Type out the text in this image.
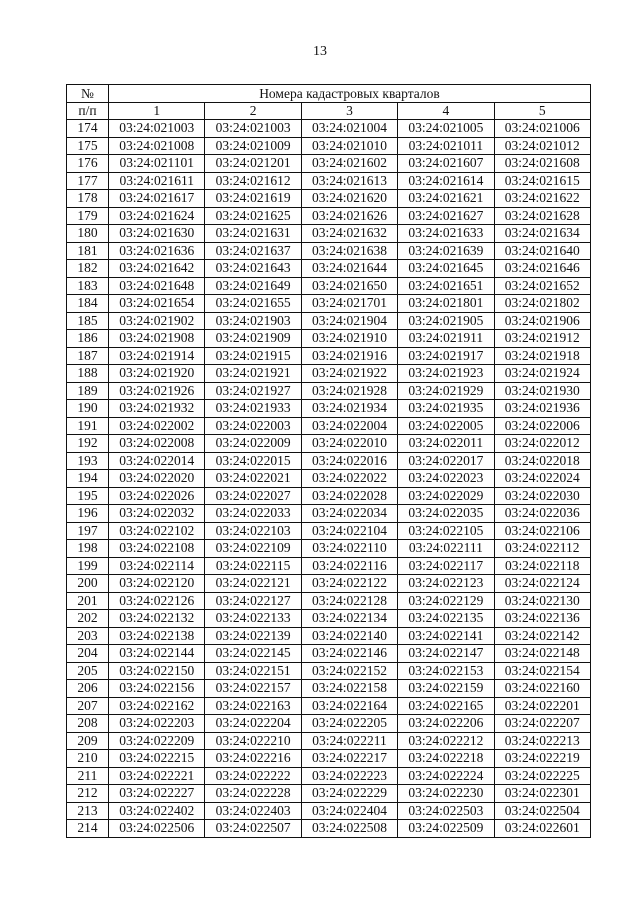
13
№	Номера кадастровых кварталов				
п/п	1	2	3	4	5
174	03:24:021003	03:24:021003	03:24:021004	03:24:021005	03:24:021006
175	03:24:021008	03:24:021009	03:24:021010	03:24:021011	03:24:021012
176	03:24:021101	03:24:021201	03:24:021602	03:24:021607	03:24:021608
177	03:24:021611	03:24:021612	03:24:021613	03:24:021614	03:24:021615
178	03:24:021617	03:24:021619	03:24:021620	03:24:021621	03:24:021622
179	03:24:021624	03:24:021625	03:24:021626	03:24:021627	03:24:021628
180	03:24:021630	03:24:021631	03:24:021632	03:24:021633	03:24:021634
181	03:24:021636	03:24:021637	03:24:021638	03:24:021639	03:24:021640
182	03:24:021642	03:24:021643	03:24:021644	03:24:021645	03:24:021646
183	03:24:021648	03:24:021649	03:24:021650	03:24:021651	03:24:021652
184	03:24:021654	03:24:021655	03:24:021701	03:24:021801	03:24:021802
185	03:24:021902	03:24:021903	03:24:021904	03:24:021905	03:24:021906
186	03:24:021908	03:24:021909	03:24:021910	03:24:021911	03:24:021912
187	03:24:021914	03:24:021915	03:24:021916	03:24:021917	03:24:021918
188	03:24:021920	03:24:021921	03:24:021922	03:24:021923	03:24:021924
189	03:24:021926	03:24:021927	03:24:021928	03:24:021929	03:24:021930
190	03:24:021932	03:24:021933	03:24:021934	03:24:021935	03:24:021936
191	03:24:022002	03:24:022003	03:24:022004	03:24:022005	03:24:022006
192	03:24:022008	03:24:022009	03:24:022010	03:24:022011	03:24:022012
193	03:24:022014	03:24:022015	03:24:022016	03:24:022017	03:24:022018
194	03:24:022020	03:24:022021	03:24:022022	03:24:022023	03:24:022024
195	03:24:022026	03:24:022027	03:24:022028	03:24:022029	03:24:022030
196	03:24:022032	03:24:022033	03:24:022034	03:24:022035	03:24:022036
197	03:24:022102	03:24:022103	03:24:022104	03:24:022105	03:24:022106
198	03:24:022108	03:24:022109	03:24:022110	03:24:022111	03:24:022112
199	03:24:022114	03:24:022115	03:24:022116	03:24:022117	03:24:022118
200	03:24:022120	03:24:022121	03:24:022122	03:24:022123	03:24:022124
201	03:24:022126	03:24:022127	03:24:022128	03:24:022129	03:24:022130
202	03:24:022132	03:24:022133	03:24:022134	03:24:022135	03:24:022136
203	03:24:022138	03:24:022139	03:24:022140	03:24:022141	03:24:022142
204	03:24:022144	03:24:022145	03:24:022146	03:24:022147	03:24:022148
205	03:24:022150	03:24:022151	03:24:022152	03:24:022153	03:24:022154
206	03:24:022156	03:24:022157	03:24:022158	03:24:022159	03:24:022160
207	03:24:022162	03:24:022163	03:24:022164	03:24:022165	03:24:022201
208	03:24:022203	03:24:022204	03:24:022205	03:24:022206	03:24:022207
209	03:24:022209	03:24:022210	03:24:022211	03:24:022212	03:24:022213
210	03:24:022215	03:24:022216	03:24:022217	03:24:022218	03:24:022219
211	03:24:022221	03:24:022222	03:24:022223	03:24:022224	03:24:022225
212	03:24:022227	03:24:022228	03:24:022229	03:24:022230	03:24:022301
213	03:24:022402	03:24:022403	03:24:022404	03:24:022503	03:24:022504
214	03:24:022506	03:24:022507	03:24:022508	03:24:022509	03:24:022601
